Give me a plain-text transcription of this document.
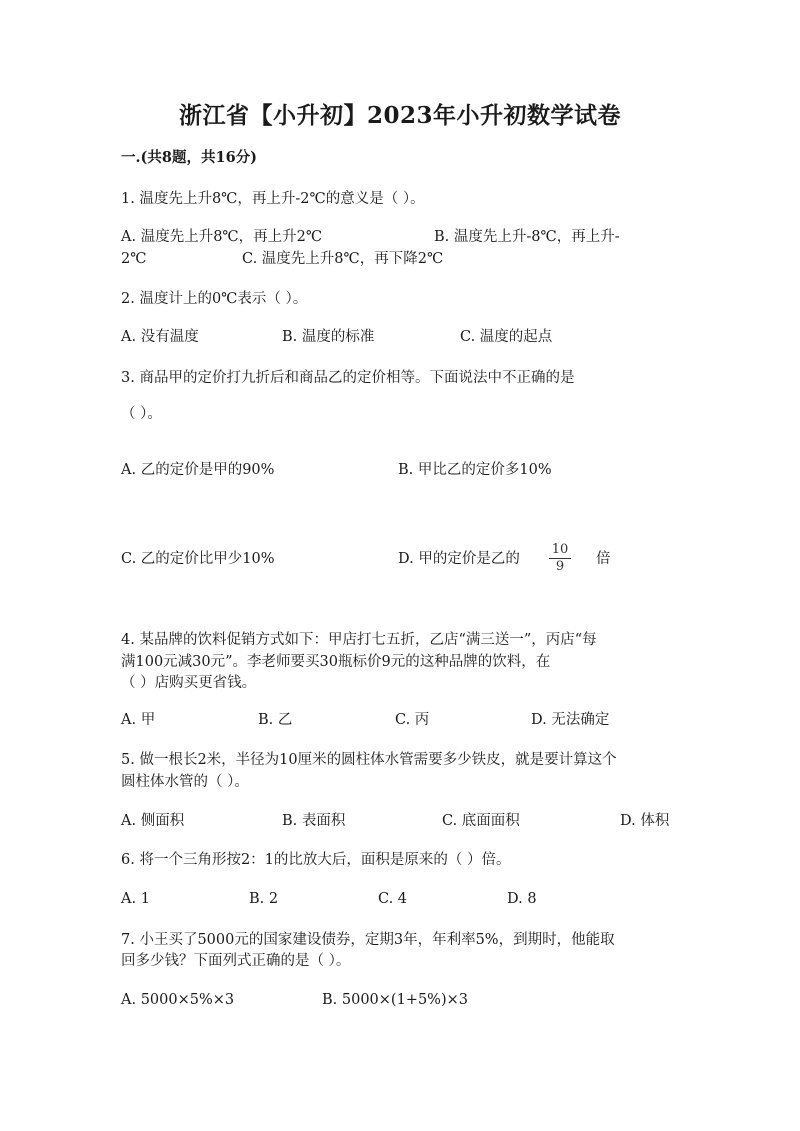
浙江省【小升初】2023年小升初数学试卷
一.(共8题，共16分)
1. 温度先上升8℃，再上升-2℃的意义是（ ）。
A. 温度先上升8℃，再上升2℃	B. 温度先上升-8℃，再上升-
2℃	C. 温度先上升8℃，再下降2℃
2. 温度计上的0℃表示（ ）。
A. 没有温度	B. 温度的标准	C. 温度的起点
3. 商品甲的定价打九折后和商品乙的定价相等。下面说法中不正确的是
（ ）。
A. 乙的定价是甲的90%	B. 甲比乙的定价多10%
C. 乙的定价比甲少10%	D. 甲的定价是乙的
10
9	倍
4. 某品牌的饮料促销方式如下：甲店打七五折，乙店“满三送一”，丙店“每
满100元减30元”。李老师要买30瓶标价9元的这种品牌的饮料，在
（ ）店购买更省钱。
A. 甲	B. 乙	C. 丙	D. 无法确定
5. 做一根长2米，半径为10厘米的圆柱体水管需要多少铁皮，就是要计算这个
圆柱体水管的（ ）。
A. 侧面积	B. 表面积	C. 底面面积	D. 体积
6. 将一个三角形按2：1的比放大后，面积是原来的（ ）倍。
A. 1	B. 2	C. 4	D. 8
7. 小王买了5000元的国家建设债券，定期3年，年利率5%，到期时，他能取
回多少钱？下面列式正确的是（ ）。
A. 5000×5%×3	B. 5000×(1+5%)×3
